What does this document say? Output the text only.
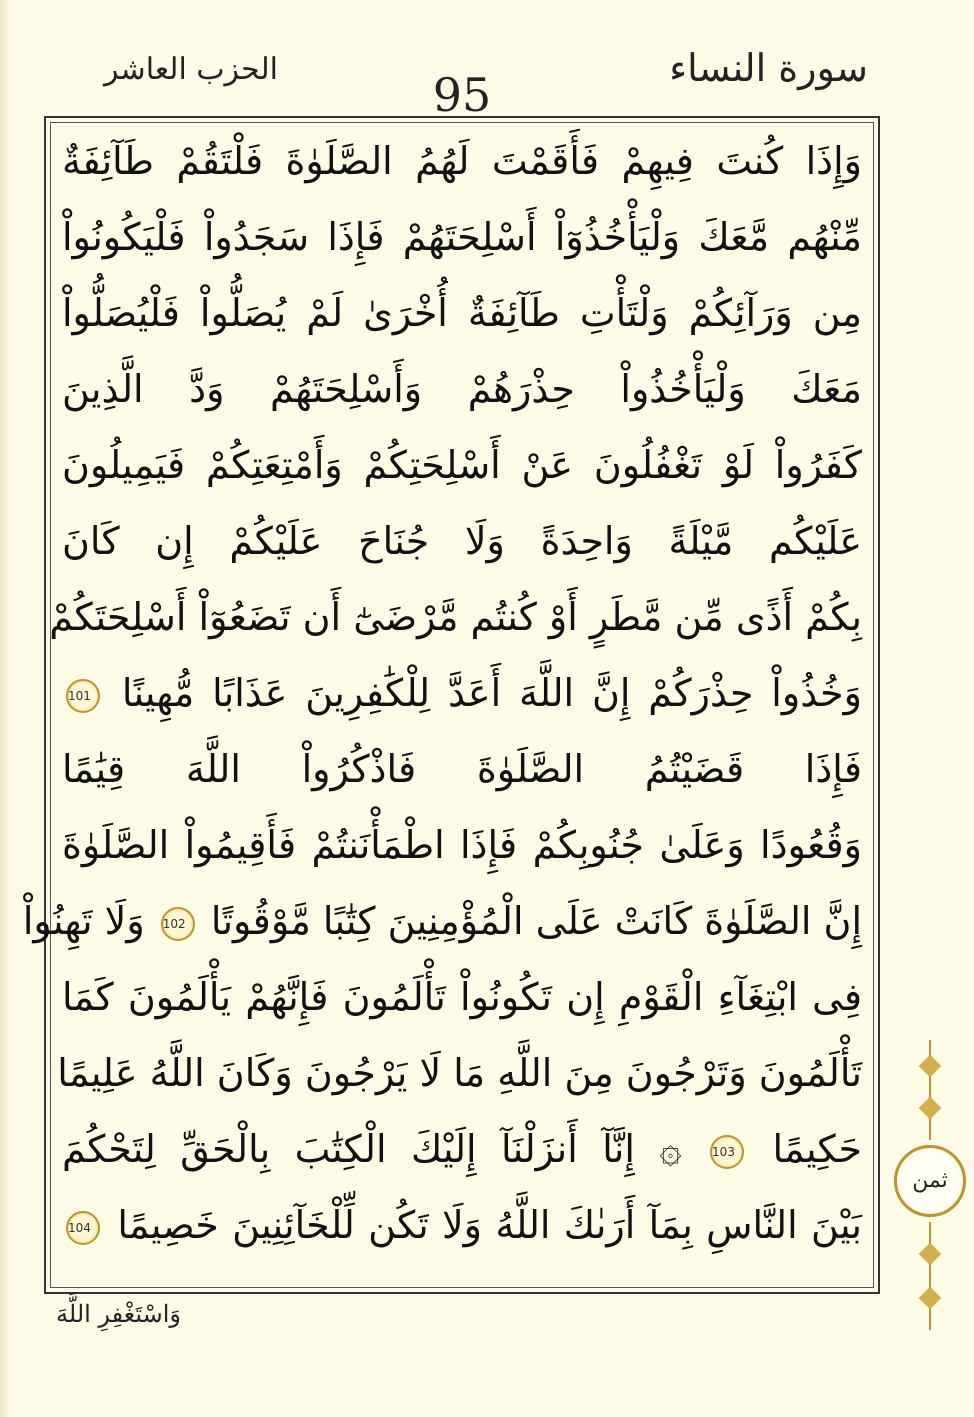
سورة النساء
95
الحزب العاشر
وَإِذَا كُنتَ فِيهِمْ فَأَقَمْتَ لَهُمُ الصَّلَوٰةَ فَلْتَقُمْ طَآئِفَةٌ
مِّنْهُم مَّعَكَ وَلْيَأْخُذُوٓاْ أَسْلِحَتَهُمْ فَإِذَا سَجَدُواْ فَلْيَكُونُواْ
مِن وَرَآئِكُمْ وَلْتَأْتِ طَآئِفَةٌ أُخْرَىٰ لَمْ يُصَلُّواْ فَلْيُصَلُّواْ
مَعَكَ وَلْيَأْخُذُواْ حِذْرَهُمْ وَأَسْلِحَتَهُمْ وَدَّ الَّذِينَ
كَفَرُواْ لَوْ تَغْفُلُونَ عَنْ أَسْلِحَتِكُمْ وَأَمْتِعَتِكُمْ فَيَمِيلُونَ
عَلَيْكُم مَّيْلَةً وَاحِدَةً وَلَا جُنَاحَ عَلَيْكُمْ إِن كَانَ
بِكُمْ أَذًى مِّن مَّطَرٍ أَوْ كُنتُم مَّرْضَىٰٓ أَن تَضَعُوٓاْ أَسْلِحَتَكُمْ
وَخُذُواْ حِذْرَكُمْ إِنَّ اللَّهَ أَعَدَّ لِلْكَٰفِرِينَ عَذَابًا مُّهِينًا 101
فَإِذَا قَضَيْتُمُ الصَّلَوٰةَ فَاذْكُرُواْ اللَّهَ قِيَٰمًا
وَقُعُودًا وَعَلَىٰ جُنُوبِكُمْ فَإِذَا اطْمَأْنَنتُمْ فَأَقِيمُواْ الصَّلَوٰةَ
إِنَّ الصَّلَوٰةَ كَانَتْ عَلَى الْمُؤْمِنِينَ كِتَٰبًا مَّوْقُوتًا 102 وَلَا تَهِنُواْ
فِى ابْتِغَآءِ الْقَوْمِ إِن تَكُونُواْ تَأْلَمُونَ فَإِنَّهُمْ يَأْلَمُونَ كَمَا
تَأْلَمُونَ وَتَرْجُونَ مِنَ اللَّهِ مَا لَا يَرْجُونَ وَكَانَ اللَّهُ عَلِيمًا
حَكِيمًا 103 ۞ إِنَّآ أَنزَلْنَآ إِلَيْكَ الْكِتَٰبَ بِالْحَقِّ لِتَحْكُمَ
بَيْنَ النَّاسِ بِمَآ أَرَىٰكَ اللَّهُ وَلَا تَكُن لِّلْخَآئِنِينَ خَصِيمًا 104
وَاسْتَغْفِرِ اللَّهَ
ثمن
